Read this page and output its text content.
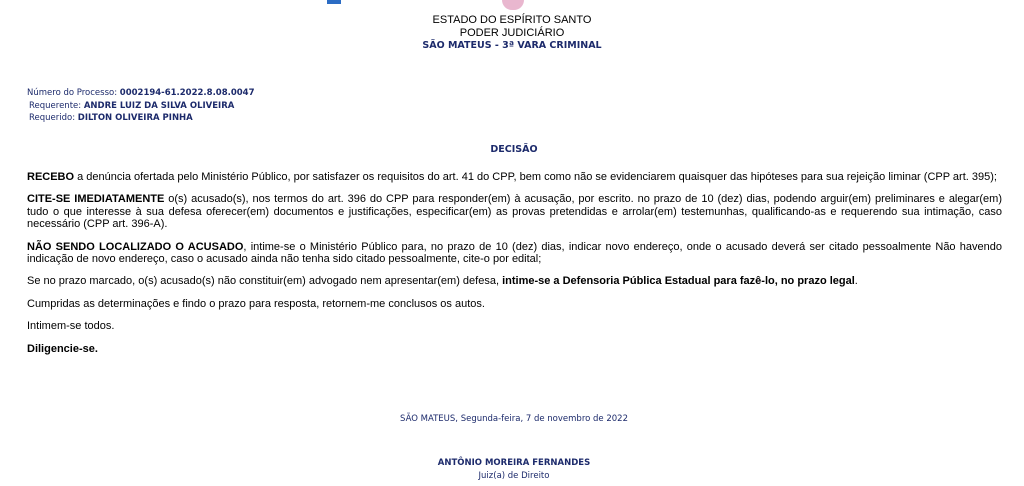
ESTADO DO ESPÍRITO SANTO
PODER JUDICIÁRIO
SÃO MATEUS - 3ª VARA CRIMINAL
Número do Processo: 0002194-61.2022.8.08.0047
Requerente: ANDRE LUIZ DA SILVA OLIVEIRA
Requerido: DILTON OLIVEIRA PINHA
DECISÃO

RECEBO a denúncia ofertada pelo Ministério Público, por satisfazer os requisitos do art. 41 do CPP, bem como não se evidenciarem quaisquer das hipóteses para sua rejeição liminar (CPP art. 395);

CITE-SE IMEDIATAMENTE o(s) acusado(s), nos termos do art. 396 do CPP para responder(em) à acusação, por escrito. no prazo de 10 (dez) dias, podendo arguir(em) preliminares e alegar(em) tudo o que interesse à sua defesa oferecer(em) documentos e justificações, especificar(em) as provas pretendidas e arrolar(em) testemunhas, qualificando-as e requerendo sua intimação, caso necessário (CPP art. 396-A).

NÃO SENDO LOCALIZADO O ACUSADO, intime-se o Ministério Público para, no prazo de 10 (dez) dias, indicar novo endereço, onde o acusado deverá ser citado pessoalmente Não havendo indicação de novo endereço, caso o acusado ainda não tenha sido citado pessoalmente, cite-o por edital;

Se no prazo marcado, o(s) acusado(s) não constituir(em) advogado nem apresentar(em) defesa, intime-se a Defensoria Pública Estadual para fazê-lo, no prazo legal.

Cumpridas as determinações e findo o prazo para resposta, retornem-me conclusos os autos.

Intimem-se todos.

Diligencie-se.

SÃO MATEUS, Segunda-feira, 7 de novembro de 2022
ANTÔNIO MOREIRA FERNANDES
Juiz(a) de Direito
